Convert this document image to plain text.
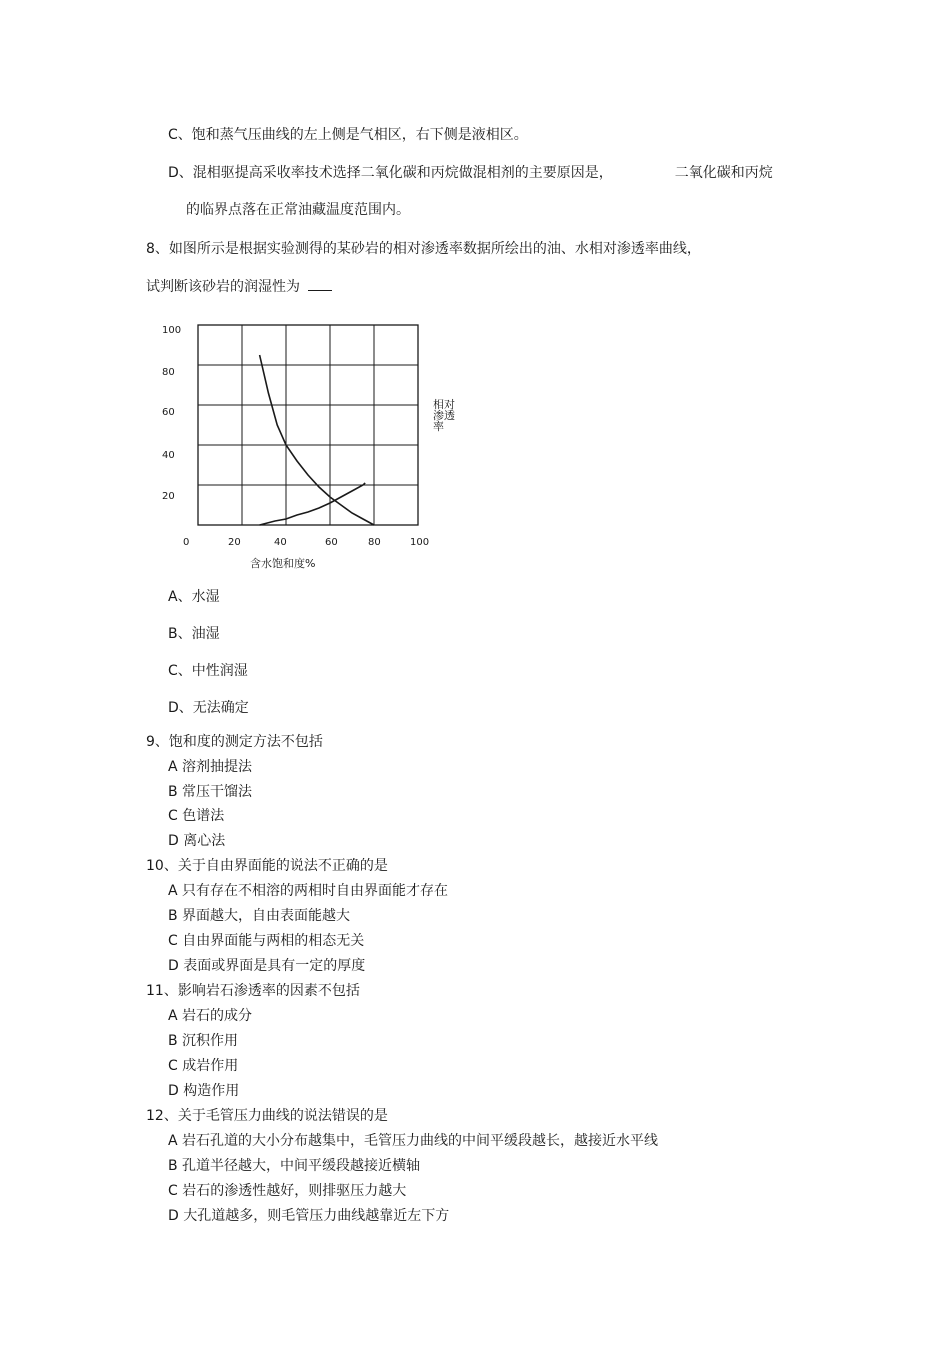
C、饱和蒸气压曲线的左上侧是气相区，右下侧是液相区。
D、混相驱提高采收率技术选择二氧化碳和丙烷做混相剂的主要原因是，	二氧化碳和丙烷
的临界点落在正常油藏温度范围内。
8、如图所示是根据实验测得的某砂岩的相对渗透率数据所绘出的油、水相对渗透率曲线，
试判断该砂岩的润湿性为
100
80
60
40
20
0	20	40	60	80	100
相对渗透率
含水饱和度%
A、水湿
B、油湿
C、中性润湿
D、无法确定
9、饱和度的测定方法不包括
A 溶剂抽提法
B 常压干馏法
C 色谱法
D 离心法
10、关于自由界面能的说法不正确的是
A 只有存在不相溶的两相时自由界面能才存在
B 界面越大，自由表面能越大
C 自由界面能与两相的相态无关
D 表面或界面是具有一定的厚度
11、影响岩石渗透率的因素不包括
A 岩石的成分
B 沉积作用
C 成岩作用
D 构造作用
12、关于毛管压力曲线的说法错误的是
A 岩石孔道的大小分布越集中，毛管压力曲线的中间平缓段越长，越接近水平线
B 孔道半径越大，中间平缓段越接近横轴
C 岩石的渗透性越好，则排驱压力越大
D 大孔道越多，则毛管压力曲线越靠近左下方
